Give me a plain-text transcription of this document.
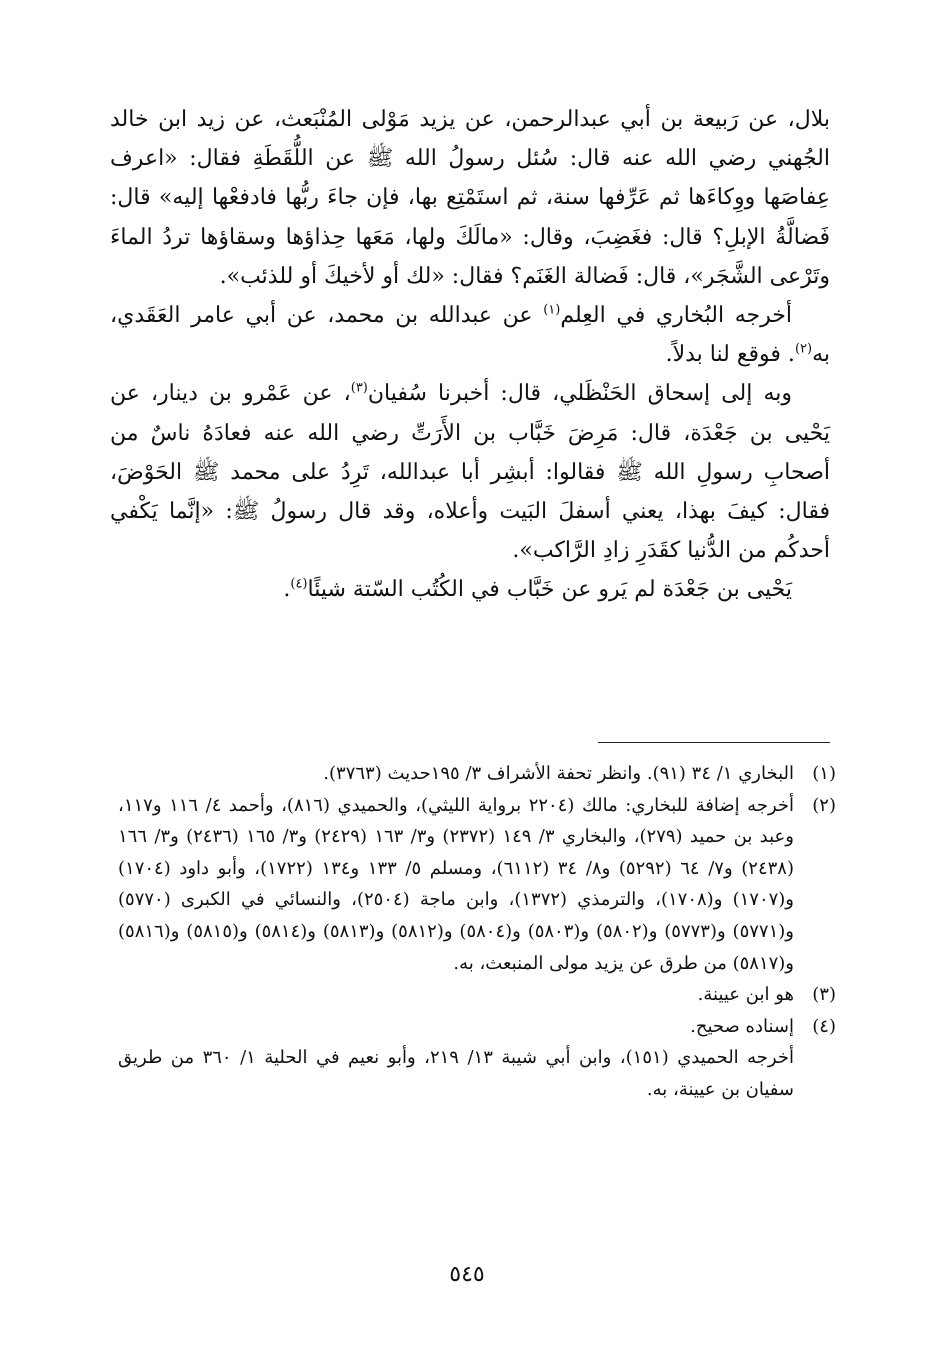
بلال، عن رَبيعة بن أبي عبدالرحمن، عن يزيد مَوْلى المُنْبَعث، عن زيد ابن خالد الجُهني رضي الله عنه قال: سُئل رسولُ الله ﷺ عن اللُّقَطَةِ فقال: «اعرف عِفاصَها ووِكاءَها ثم عَرِّفها سنة، ثم استَمْتِع بها، فإن جاءَ ربُّها فادفعْها إليه» قال: فَضالَّةُ الإبلِ؟ قال: فغَضِبَ، وقال: «مالَكَ ولها، مَعَها حِذاؤها وسقاؤها تردُ الماءَ وتَرْعى الشَّجَر»، قال: فَضالة الغَنَم؟ فقال: «لك أو لأخيكَ أو للذئب».

أخرجه البُخاري في العِلم$^{(١)}$ عن عبدالله بن محمد، عن أبي عامر العَقَدي، به$^{(٢)}$. فوقع لنا بدلاً.

وبه إلى إسحاق الحَنْظَلي، قال: أخبرنا سُفيان$^{(٣)}$، عن عَمْرو بن دينار، عن يَحْيى بن جَعْدَة، قال: مَرِضَ خَبَّاب بن الأَرَتِّ رضي الله عنه فعادَهُ ناسٌ من أصحابِ رسولِ الله ﷺ فقالوا: أبشِر أبا عبدالله، تَرِدُ على محمد ﷺ الحَوْضَ، فقال: كيفَ بهذا، يعني أسفلَ البَيت وأعلاه، وقد قال رسولُ ﷺ: «إنَّما يَكْفي أحدكُم من الدُّنيا كقَدَرِ زادِ الرَّاكب».

يَحْيى بن جَعْدَة لم يَرو عن خَبَّاب في الكُتُب السّتة شيئًا$^{(٤)}$.

(١)
البخاري ١/ ٣٤ (٩١). وانظر تحفة الأشراف ٣/ ١٩٥حديث (٣٧٦٣).
(٢)
أخرجه إضافة للبخاري: مالك (٢٢٠٤ برواية الليثي)، والحميدي (٨١٦)، وأحمد ٤/ ١١٦ و١١٧، وعبد بن حميد (٢٧٩)، والبخاري ٣/ ١٤٩ (٢٣٧٢) و٣/ ١٦٣ (٢٤٢٩) و٣/ ١٦٥ (٢٤٣٦) و٣/ ١٦٦ (٢٤٣٨) و٧/ ٦٤ (٥٢٩٢) و٨/ ٣٤ (٦١١٢)، ومسلم ٥/ ١٣٣ و١٣٤ (١٧٢٢)، وأبو داود (١٧٠٤) و(١٧٠٧) و(١٧٠٨)، والترمذي (١٣٧٢)، وابن ماجة (٢٥٠٤)، والنسائي في الكبرى (٥٧٧٠) و(٥٧٧١) و(٥٧٧٣) و(٥٨٠٢) و(٥٨٠٣) و(٥٨٠٤) و(٥٨١٢) و(٥٨١٣) و(٥٨١٤) و(٥٨١٥) و(٥٨١٦) و(٥٨١٧) من طرق عن يزيد مولى المنبعث، به.
(٣)
هو ابن عيينة.
(٤)
إسناده صحيح.
أخرجه الحميدي (١٥١)، وابن أبي شيبة ١٣/ ٢١٩، وأبو نعيم في الحلية ١/ ٣٦٠ من طريق سفيان بن عيينة، به.
٥٤٥
